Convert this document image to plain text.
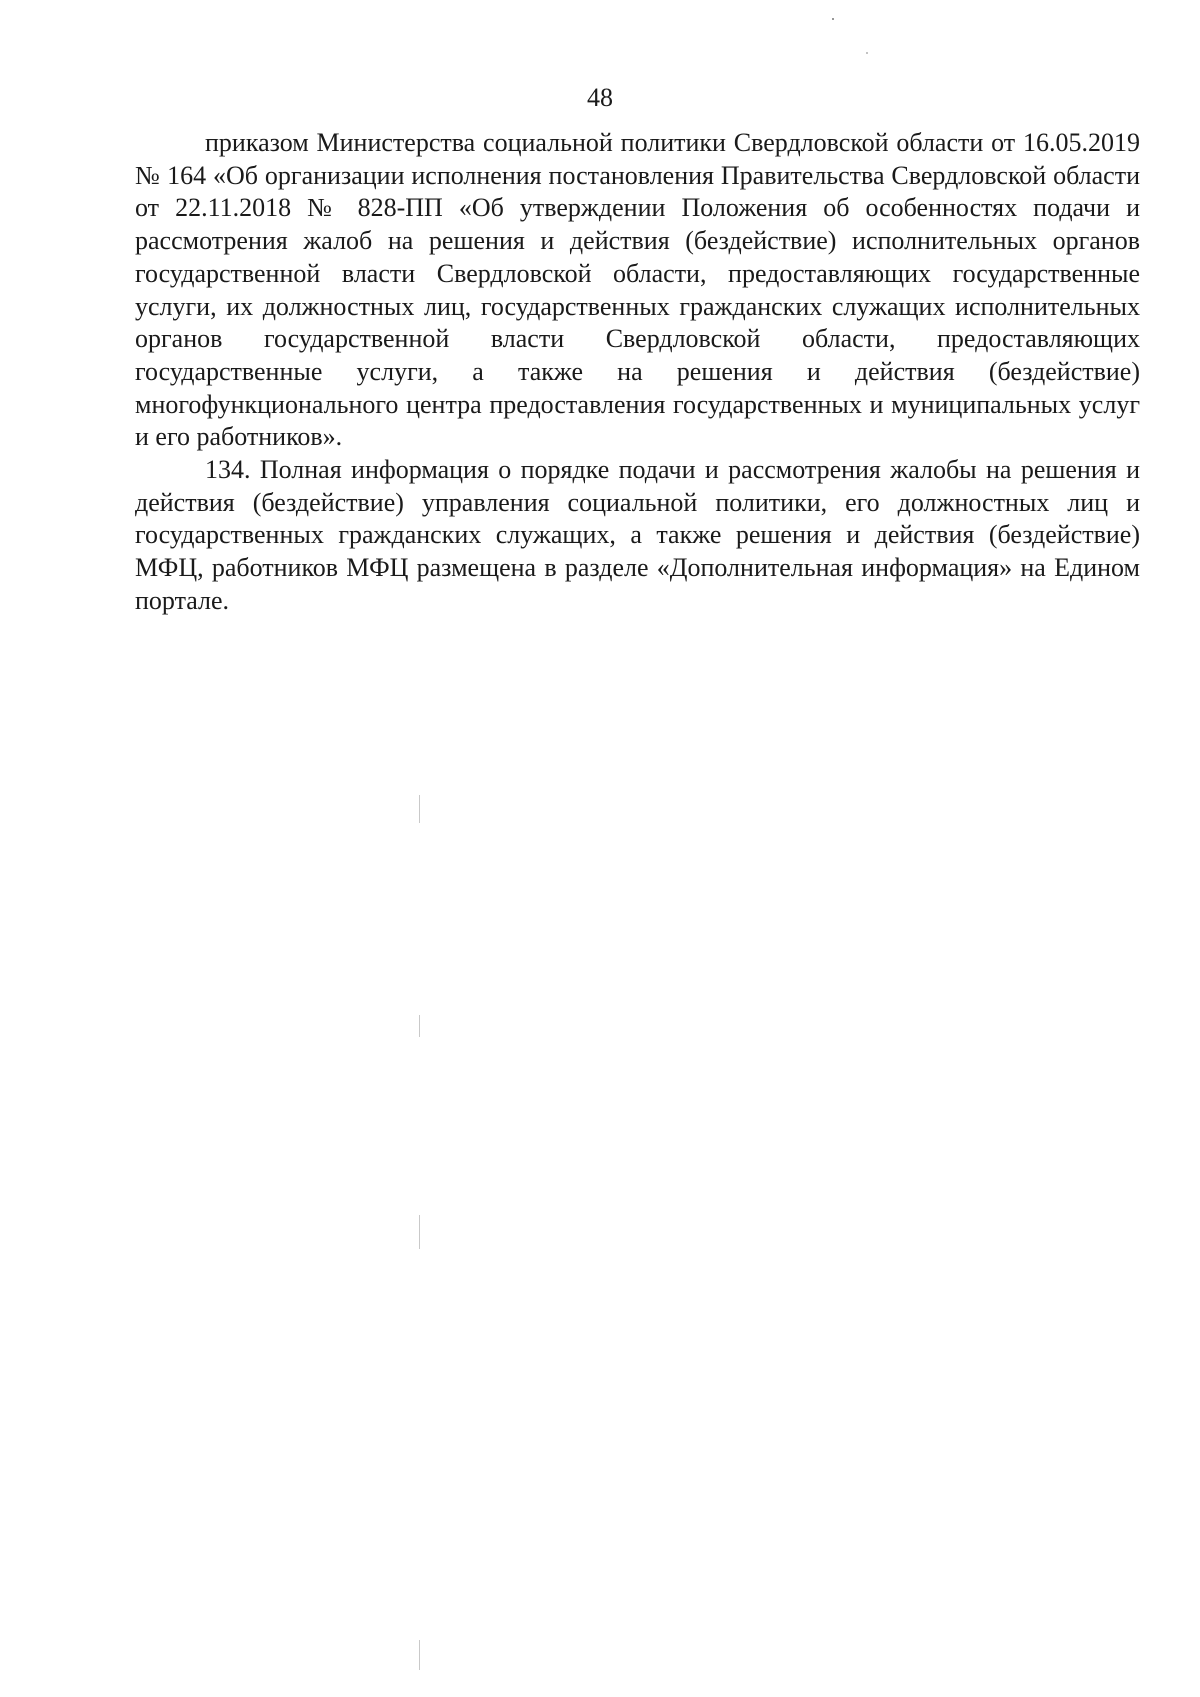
48

приказом Министерства социальной политики Свердловской области от 16.05.2019 № 164 «Об организации исполнения постановления Правительства Свердловской области от 22.11.2018 № 828-ПП «Об утверждении Положения об особенностях подачи и рассмотрения жалоб на решения и действия (бездействие) исполнительных органов государственной власти Свердловской области, предоставляющих государственные услуги, их должностных лиц, государственных гражданских служащих исполнительных органов государственной власти Свердловской области, предоставляющих государственные услуги, а также на решения и действия (бездействие) многофункционального центра предоставления государственных и муниципальных услуг и его работников».

134. Полная информация о порядке подачи и рассмотрения жалобы на решения и действия (бездействие) управления социальной политики, его должностных лиц и государственных гражданских служащих, а также решения и действия (бездействие) МФЦ, работников МФЦ размещена в разделе «Дополнительная информация» на Едином портале.
